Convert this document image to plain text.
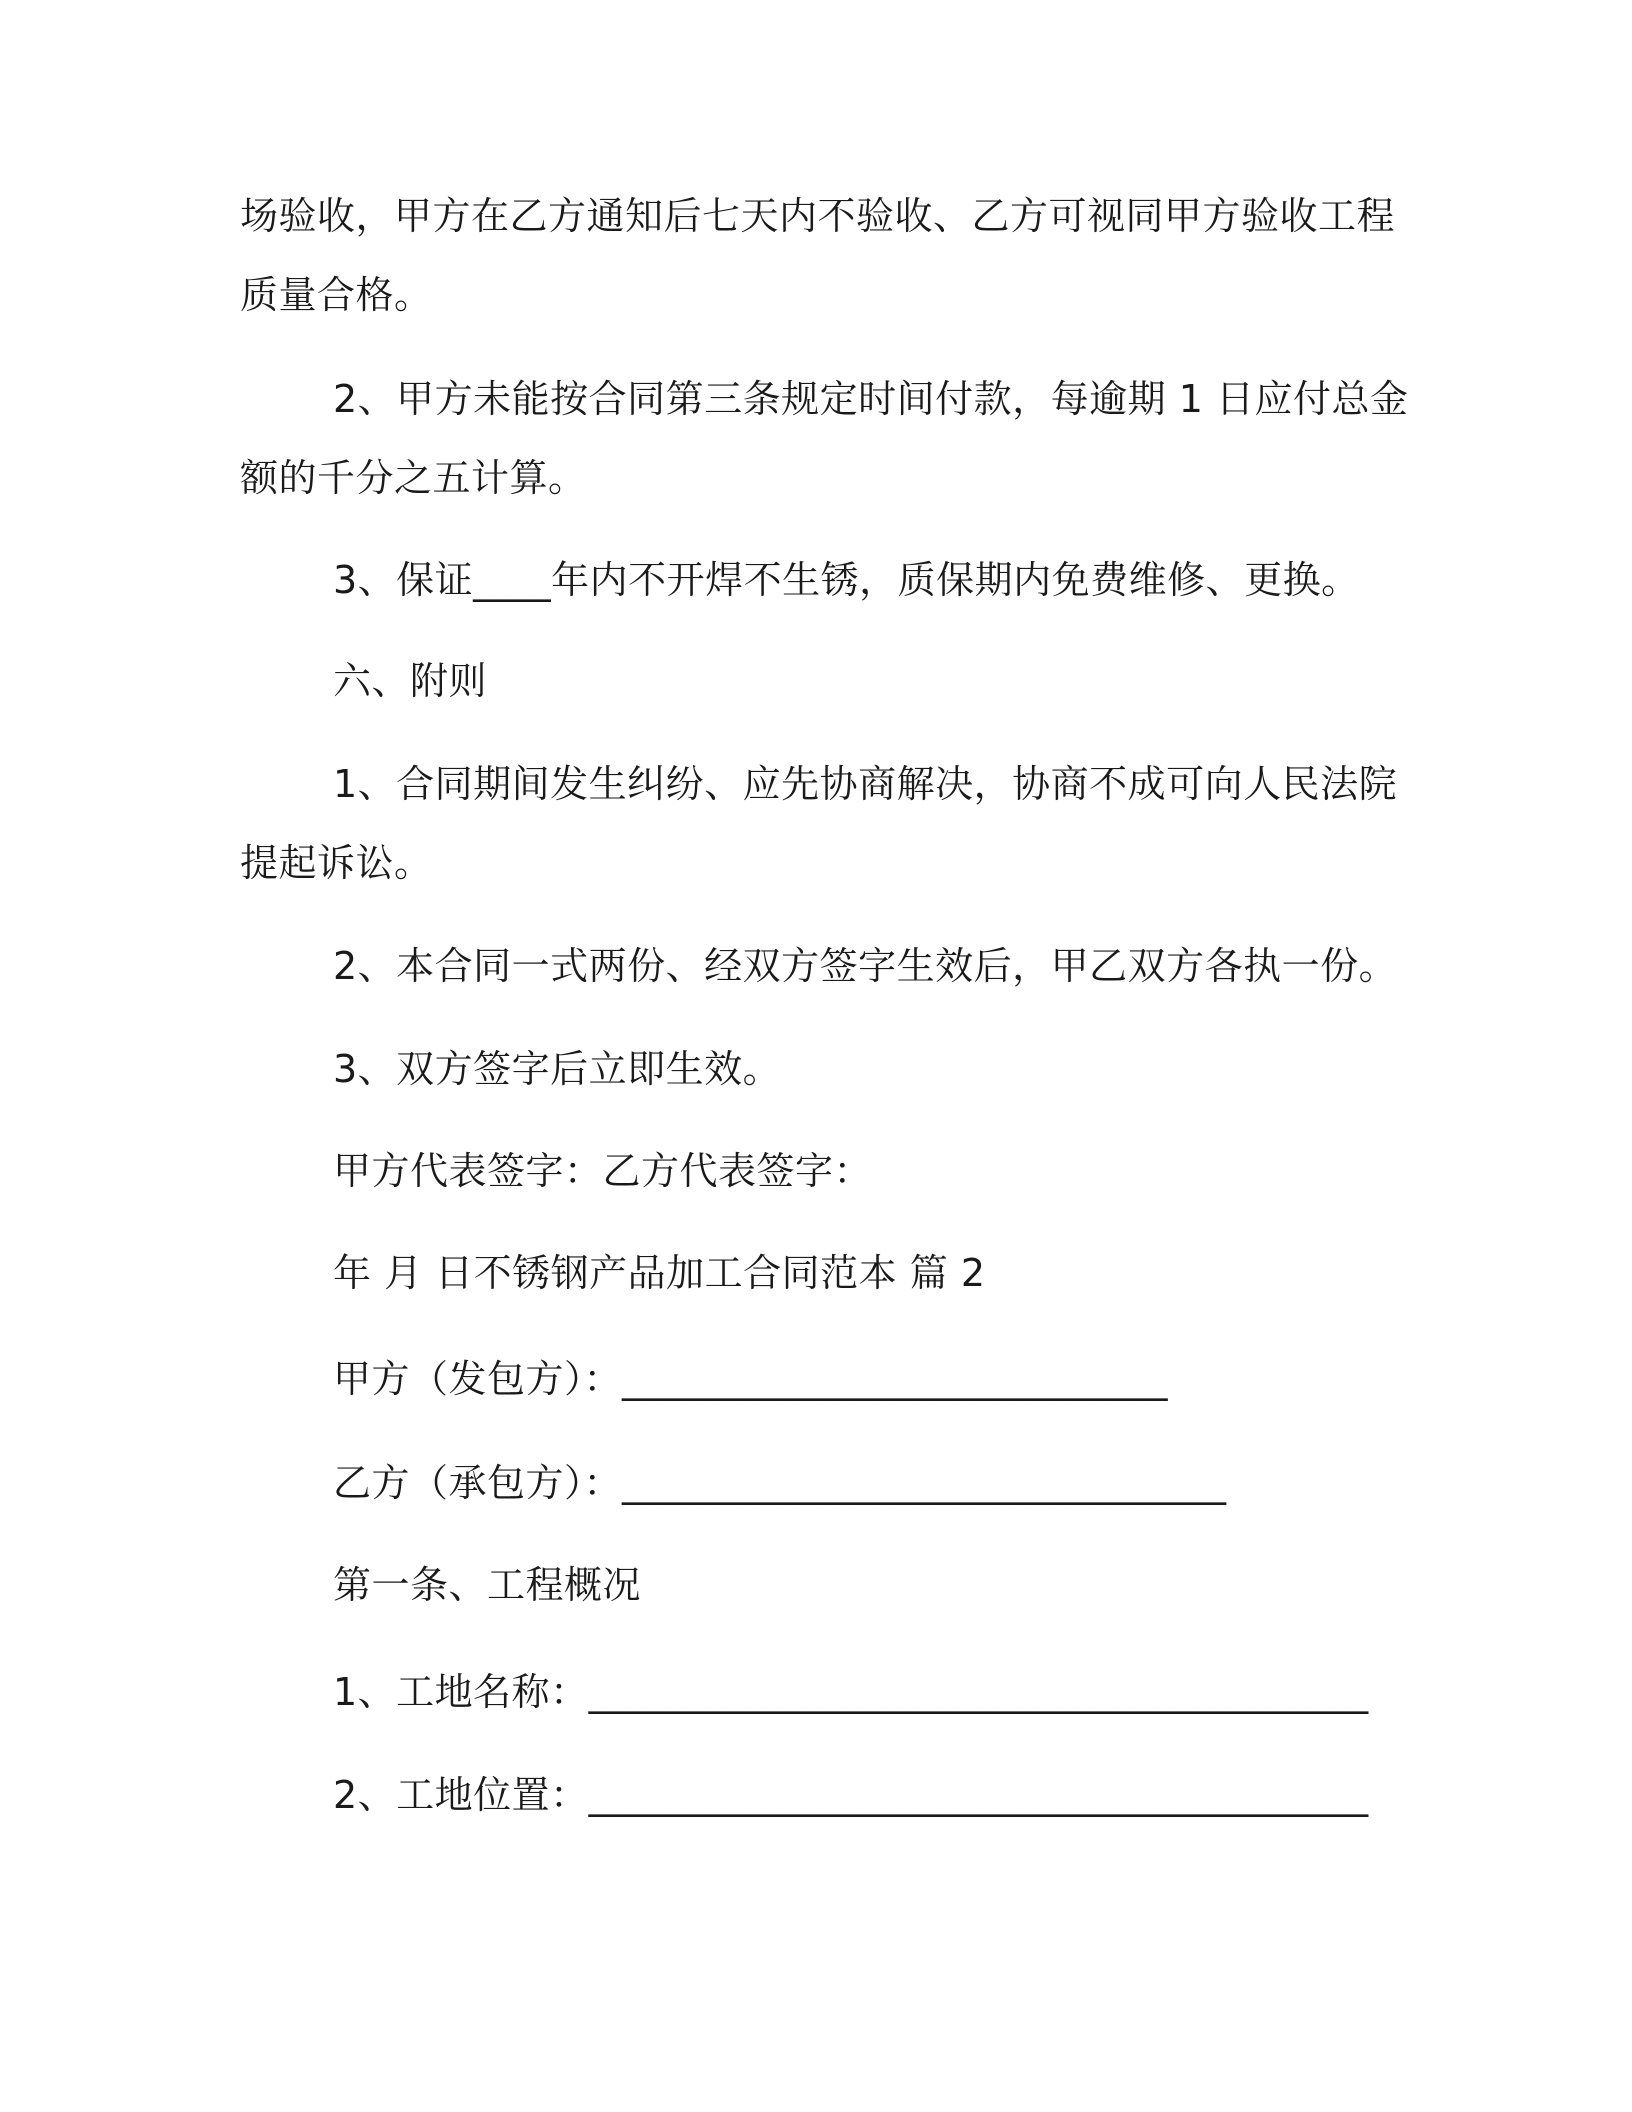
场验收，甲方在乙方通知后七天内不验收、乙方可视同甲方验收工程
质量合格。
2、甲方未能按合同第三条规定时间付款，每逾期 1 日应付总金
额的千分之五计算。
3、保证____年内不开焊不生锈，质保期内免费维修、更换。
六、附则
1、合同期间发生纠纷、应先协商解决，协商不成可向人民法院
提起诉讼。
2、本合同一式两份、经双方签字生效后，甲乙双方各执一份。
3、双方签字后立即生效。
甲方代表签字：乙方代表签字：
年 月 日不锈钢产品加工合同范本 篇 2
甲方（发包方）：____________________________
乙方（承包方）：_______________________________
第一条、工程概况
1、工地名称：________________________________________
2、工地位置：________________________________________
